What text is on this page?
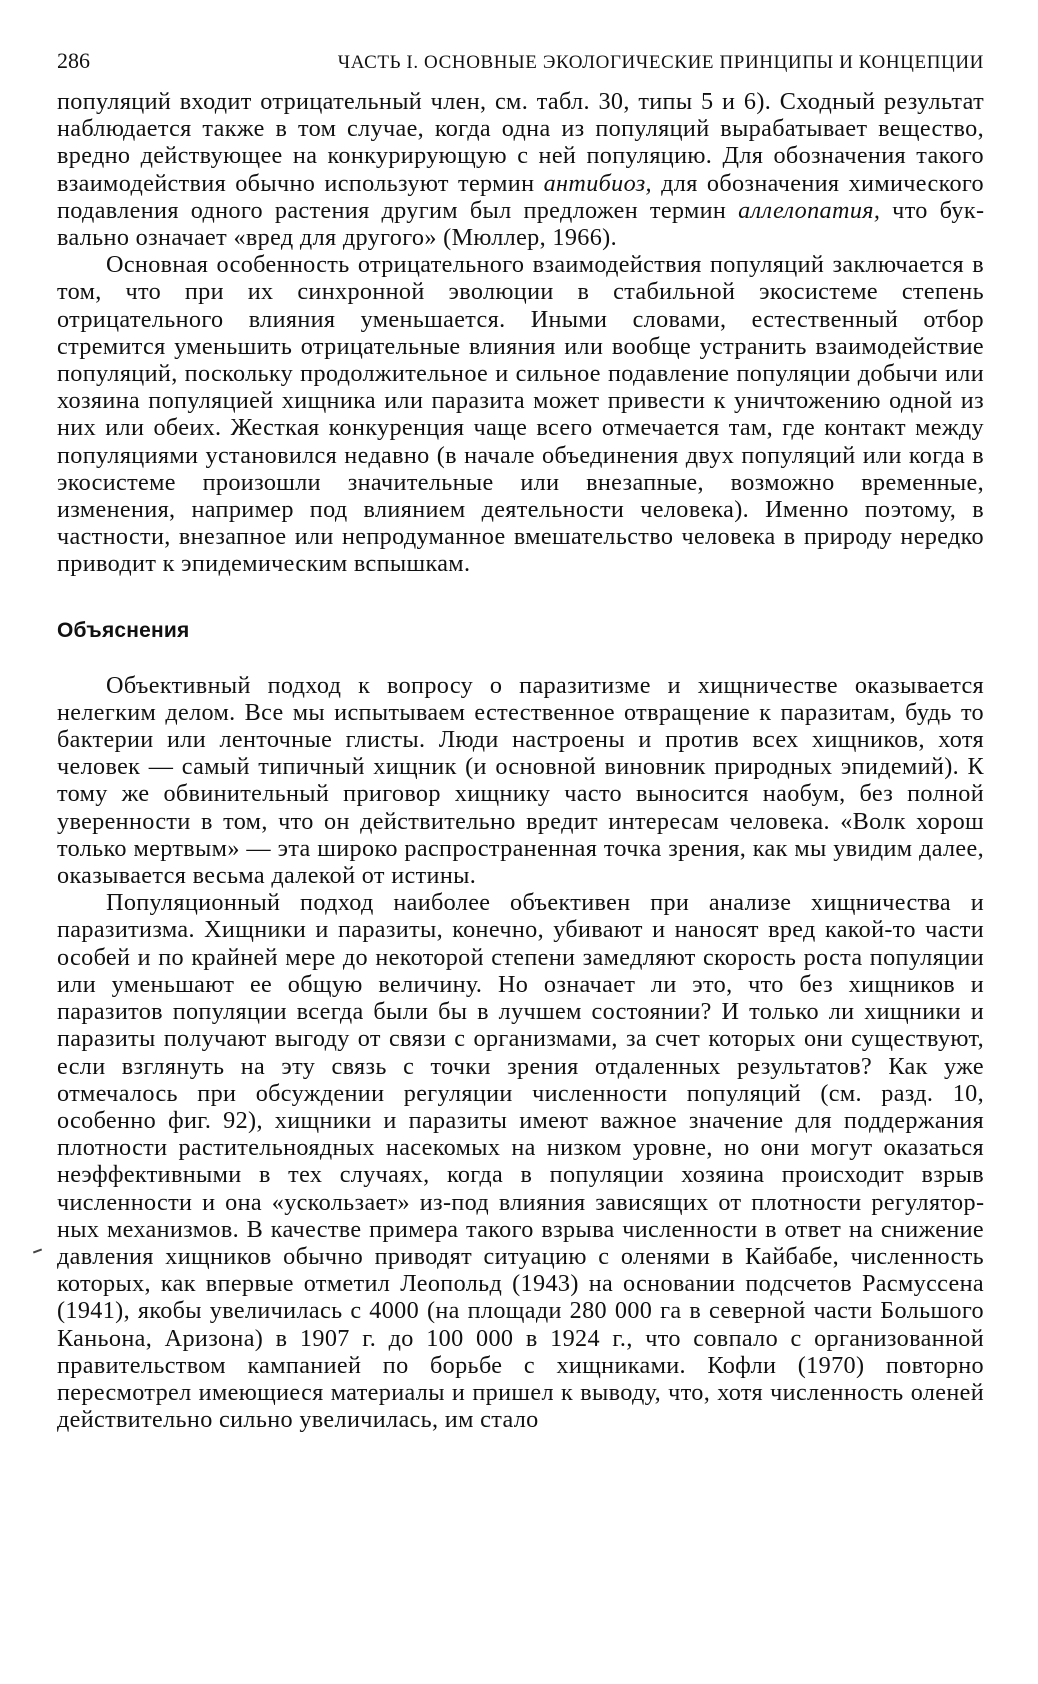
286	ЧАСТЬ I. ОСНОВНЫЕ ЭКОЛОГИЧЕСКИЕ ПРИНЦИПЫ И КОНЦЕПЦИИ

популяций входит отрицательный член, см. табл. 30, типы 5 и 6). Сходный результат наблюдается также в том случае, когда одна из популяций вырабатывает вещество, вредно действующее на конкурирующую с ней популяцию. Для обозначения такого взаимодействия обычно используют термин антибиоз, для обозначения химического подавления одного растения другим был предложен термин аллелопатия, что буквально означает «вред для другого» (Мюллер, 1966).

Основная особенность отрицательного взаимодействия популяций заключается в том, что при их синхронной эволюции в стабильной экосистеме степень отрицательного влияния уменьшается. Иными словами, естественный отбор стремится уменьшить отрицательные влияния или вообще устранить взаимодействие популяций, поскольку продолжительное и сильное подавление популяции добычи или хозяина популяцией хищника или паразита может привести к уничтожению одной из них или обеих. Жесткая конкуренция чаще всего отмечается там, где контакт между популяциями установился недавно (в начале объединения двух популяций или когда в экосистеме произошли значительные или внезапные, возможно временные, изменения, например под влиянием деятельности человека). Именно поэтому, в частности, внезапное или непродуманное вмешательство человека в природу нередко приводит к эпидемическим вспышкам.

Объяснения

Объективный подход к вопросу о паразитизме и хищничестве оказывается нелегким делом. Все мы испытываем естественное отвращение к паразитам, будь то бактерии или ленточные глисты. Люди настроены и против всех хищников, хотя человек — самый типичный хищник (и основной виновник природных эпидемий). К тому же обвинительный приговор хищнику часто выносится наобум, без полной уверенности в том, что он действительно вредит интересам человека. «Волк хорош только мертвым» — эта широко распространенная точка зрения, как мы увидим далее, оказывается весьма далекой от истины.

Популяционный подход наиболее объективен при анализе хищничества и паразитизма. Хищники и паразиты, конечно, убивают и наносят вред какой-то части особей и по крайней мере до некоторой степени замедляют скорость роста популяции или уменьшают ее общую величину. Но означает ли это, что без хищников и паразитов популяции всегда были бы в лучшем состоянии? И только ли хищники и паразиты получают выгоду от связи с организмами, за счет которых они существуют, если взглянуть на эту связь с точки зрения отдаленных результатов? Как уже отмечалось при обсуждении регуляции численности популяций (см. разд. 10, особенно фиг. 92), хищники и паразиты имеют важное значение для поддержания плотности растительноядных насекомых на низком уровне, но они могут оказаться неэффективными в тех случаях, когда в популяции хозяина происходит взрыв численности и она «ускользает» из-под влияния зависящих от плотности регуляторных механизмов. В качестве примера такого взрыва численности в ответ на снижение давления хищников обычно приводят ситуацию с оленями в Кайбабе, численность которых, как впервые отметил Леопольд (1943) на основании подсчетов Расмуссена (1941), якобы увеличилась с 4000 (на площади 280 000 га в северной части Большого Каньона, Аризона) в 1907 г. до 100 000 в 1924 г., что совпало с организованной правительством кампанией по борьбе с хищниками. Кофли (1970) повторно пересмотрел имеющиеся материалы и пришел к выводу, что, хотя численность оленей действительно сильно увеличилась, им стало
